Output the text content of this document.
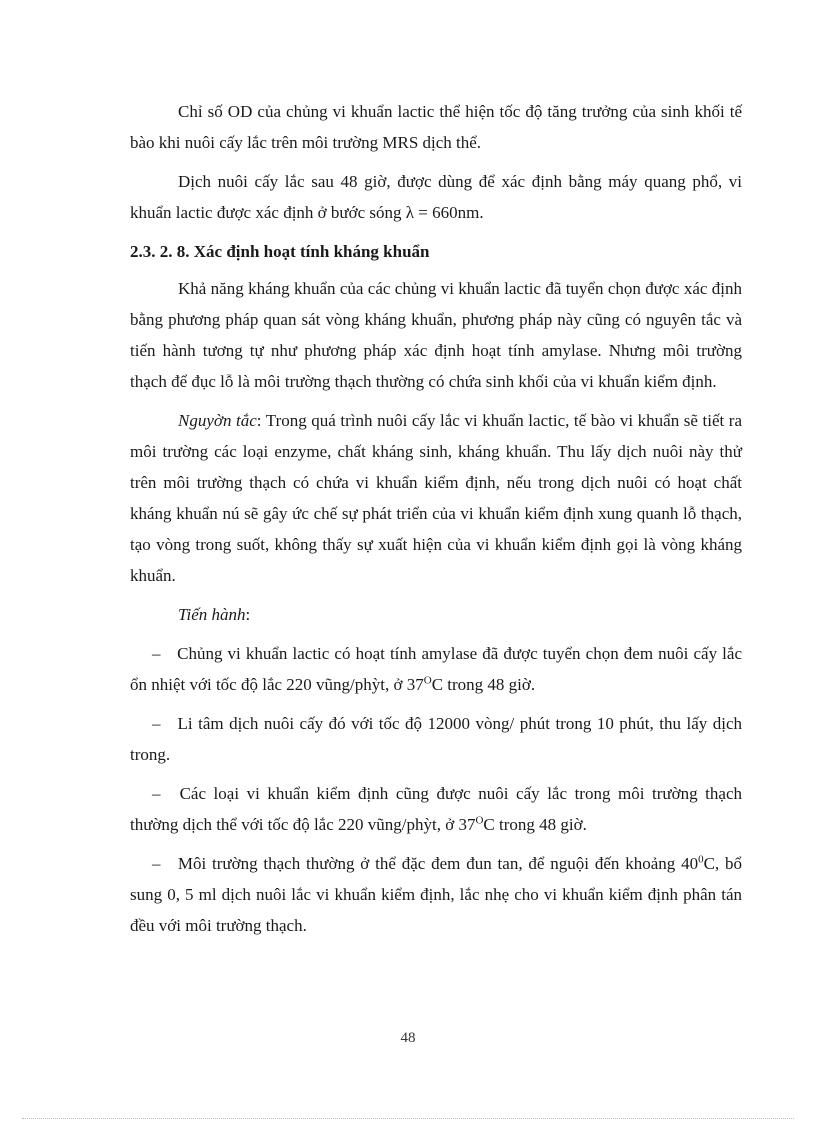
Chỉ số OD của chủng vi khuẩn lactic thể hiện tốc độ tăng trưởng của sinh khối tế bào khi nuôi cấy lắc trên môi trường MRS dịch thể.

Dịch nuôi cấy lắc sau 48 giờ, được dùng để xác định bằng máy quang phổ, vi khuẩn lactic được xác định ở bước sóng λ = 660nm.

2.3. 2. 8. Xác định hoạt tính kháng khuẩn

Khả năng kháng khuẩn của các chủng vi khuẩn lactic đã tuyển chọn được xác định bằng phương pháp quan sát vòng kháng khuẩn, phương pháp này cũng có nguyên tắc và tiến hành tương tự như phương pháp xác định hoạt tính amylase. Nhưng môi trường thạch để đục lỗ là môi trường thạch thường có chứa sinh khối của vi khuẩn kiểm định.

Nguyờn tắc: Trong quá trình nuôi cấy lắc vi khuẩn lactic, tế bào vi khuẩn sẽ tiết ra môi trường các loại enzyme, chất kháng sinh, kháng khuẩn. Thu lấy dịch nuôi này thử trên môi trường thạch có chứa vi khuẩn kiểm định, nếu trong dịch nuôi có hoạt chất kháng khuẩn nú sẽ gây ức chế sự phát triển của vi khuẩn kiểm định xung quanh lỗ thạch, tạo vòng trong suốt, không thấy sự xuất hiện của vi khuẩn kiểm định gọi là vòng kháng khuẩn.

Tiến hành:

– Chủng vi khuẩn lactic có hoạt tính amylase đã được tuyển chọn đem nuôi cấy lắc ổn nhiệt với tốc độ lắc 220 vũng/phỳt, ở $37^OC$ trong 48 giờ.

– Li tâm dịch nuôi cấy đó với tốc độ 12000 vòng/ phút trong 10 phút, thu lấy dịch trong.

– Các loại vi khuẩn kiểm định cũng được nuôi cấy lắc trong môi trường thạch thường dịch thể với tốc độ lắc 220 vũng/phỳt, ở $37^OC$ trong 48 giờ.

– Môi trường thạch thường ở thể đặc đem đun tan, để nguội đến khoảng $40^0C$, bổ sung 0, 5 ml dịch nuôi lắc vi khuẩn kiểm định, lắc nhẹ cho vi khuẩn kiểm định phân tán đều với môi trường thạch.

48
